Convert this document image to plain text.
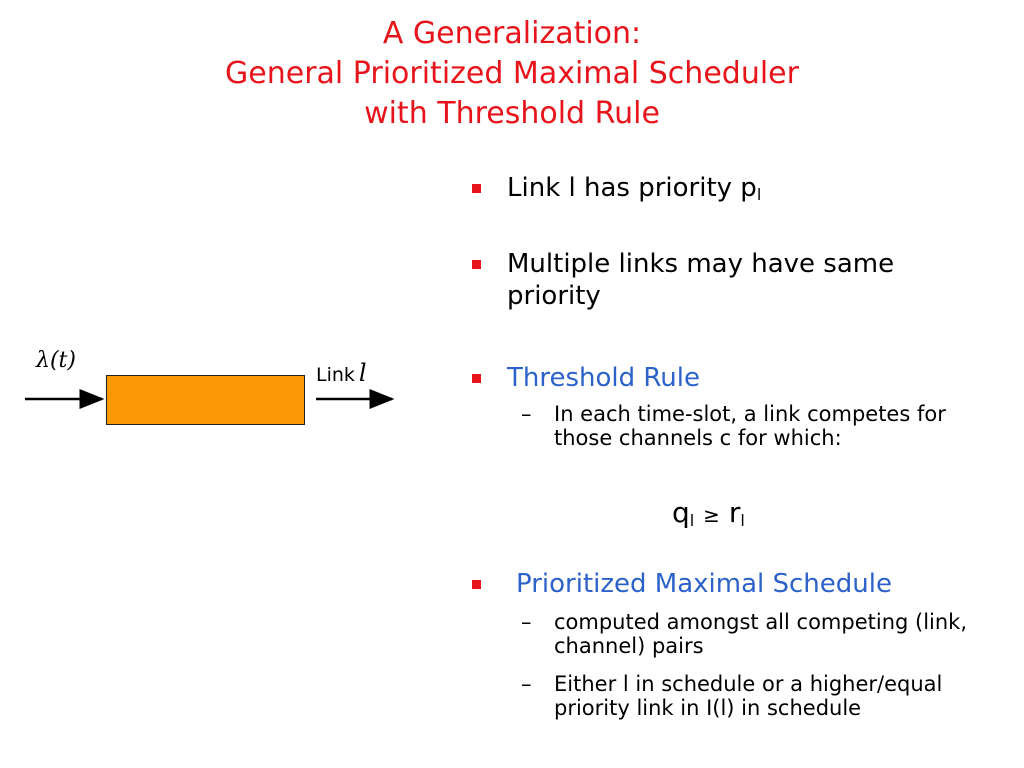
A Generalization:
General Prioritized Maximal Scheduler
with Threshold Rule
λ(t)
Link l
Link l has priority $p_l$
Multiple links may have same priority
Threshold Rule
– In each time-slot, a link competes for those channels c for which:
$q_l \ge r_l$
Prioritized Maximal Schedule
– computed amongst all competing (link, channel) pairs
– Either l in schedule or a higher/equal priority link in I(l) in schedule
